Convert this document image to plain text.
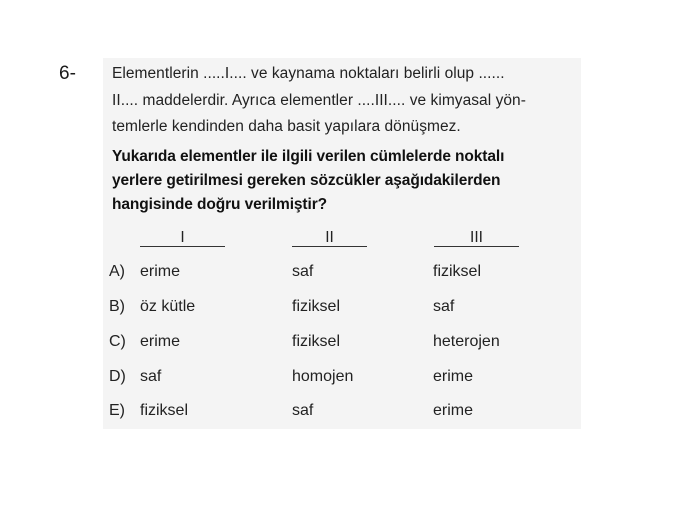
6- Elementlerin .....I.... ve kaynama noktaları belirli olup ......
II.... maddelerdir. Ayrıca elementler ....III.... ve kimyasal yön-
temlerle kendinden daha basit yapılara dönüşmez.
Yukarıda elementler ile ilgili verilen cümlelerde noktalı
yerlere getirilmesi gereken sözcükler aşağıdakilerden
hangisinde doğru verilmiştir?
I	II	III
A) erime	saf	fiziksel
B) öz kütle	fiziksel	saf
C) erime	fiziksel	heterojen
D) saf	homojen	erime
E) fiziksel	saf	erime
